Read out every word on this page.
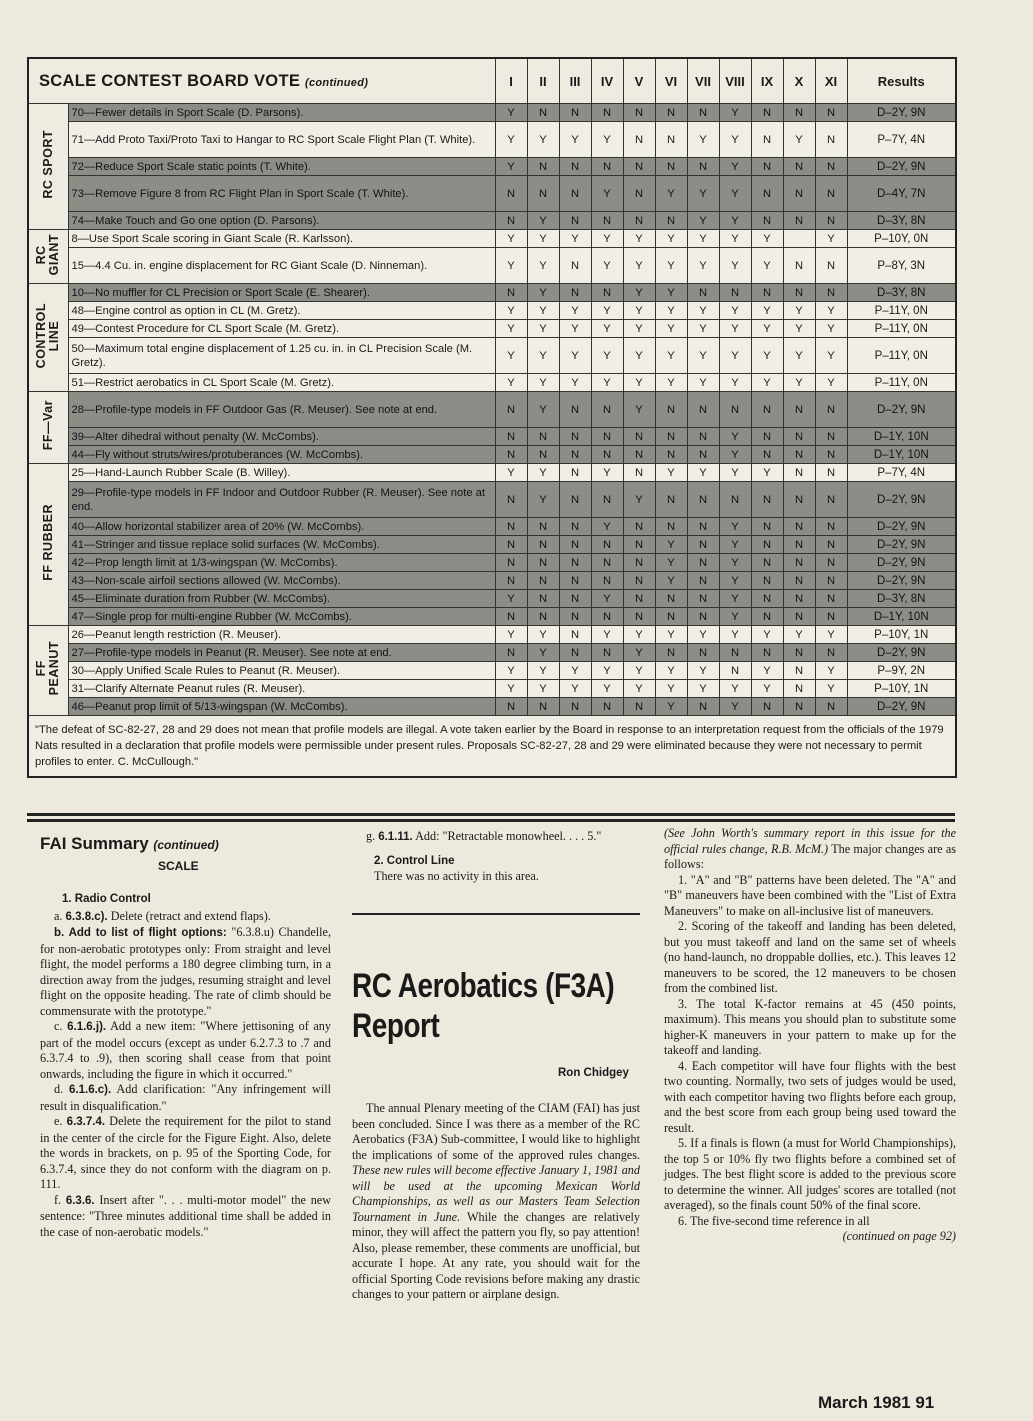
SCALE CONTEST BOARD VOTE (continued)		I	II	III	IV	V	VI	VII	VIII	IX	X	XI	Results
RC SPORT	70—Fewer details in Sport Scale (D. Parsons).	Y	N	N	N	N	N	N	Y	N	N	N	D–2Y, 9N
	71—Add Proto Taxi/Proto Taxi to Hangar to RC Sport Scale Flight Plan (T. White).	Y	Y	Y	Y	N	N	Y	Y	N	Y	N	P–7Y, 4N
	72—Reduce Sport Scale static points (T. White).	Y	N	N	N	N	N	N	Y	N	N	N	D–2Y, 9N
	73—Remove Figure 8 from RC Flight Plan in Sport Scale (T. White).	N	N	N	Y	N	Y	Y	Y	N	N	N	D–4Y, 7N
	74—Make Touch and Go one option (D. Parsons).	N	Y	N	N	N	N	Y	Y	N	N	N	D–3Y, 8N
RC
GIANT	8—Use Sport Scale scoring in Giant Scale (R. Karlsson).	Y	Y	Y	Y	Y	Y	Y	Y	Y		Y	P–10Y, 0N
	15—4.4 Cu. in. engine displacement for RC Giant Scale (D. Ninneman).	Y	Y	N	Y	Y	Y	Y	Y	Y	N	N	P–8Y, 3N
CONTROL
LINE	10—No muffler for CL Precision or Sport Scale (E. Shearer).	N	Y	N	N	Y	Y	N	N	N	N	N	D–3Y, 8N
	48—Engine control as option in CL (M. Gretz).	Y	Y	Y	Y	Y	Y	Y	Y	Y	Y	Y	P–11Y, 0N
	49—Contest Procedure for CL Sport Scale (M. Gretz).	Y	Y	Y	Y	Y	Y	Y	Y	Y	Y	Y	P–11Y, 0N
	50—Maximum total engine displacement of 1.25 cu. in. in CL Precision Scale (M. Gretz).	Y	Y	Y	Y	Y	Y	Y	Y	Y	Y	Y	P–11Y, 0N
	51—Restrict aerobatics in CL Sport Scale (M. Gretz).	Y	Y	Y	Y	Y	Y	Y	Y	Y	Y	Y	P–11Y, 0N
FF—Var	28—Profile-type models in FF Outdoor Gas (R. Meuser). See note at end.	N	Y	N	N	Y	N	N	N	N	N	N	D–2Y, 9N
	39—Alter dihedral without penalty (W. McCombs).	N	N	N	N	N	N	N	Y	N	N	N	D–1Y, 10N
	44—Fly without struts/wires/protuberances (W. McCombs).	N	N	N	N	N	N	N	Y	N	N	N	D–1Y, 10N
FF RUBBER	25—Hand-Launch Rubber Scale (B. Willey).	Y	Y	N	Y	N	Y	Y	Y	Y	N	N	P–7Y, 4N
	29—Profile-type models in FF Indoor and Outdoor Rubber (R. Meuser). See note at end.	N	Y	N	N	Y	N	N	N	N	N	N	D–2Y, 9N
	40—Allow horizontal stabilizer area of 20% (W. McCombs).	N	N	N	Y	N	N	N	Y	N	N	N	D–2Y, 9N
	41—Stringer and tissue replace solid surfaces (W. McCombs).	N	N	N	N	N	Y	N	Y	N	N	N	D–2Y, 9N
	42—Prop length limit at 1/3-wingspan (W. McCombs).	N	N	N	N	N	Y	N	Y	N	N	N	D–2Y, 9N
	43—Non-scale airfoil sections allowed (W. McCombs).	N	N	N	N	N	Y	N	Y	N	N	N	D–2Y, 9N
	45—Eliminate duration from Rubber (W. McCombs).	Y	N	N	Y	N	N	N	Y	N	N	N	D–3Y, 8N
	47—Single prop for multi-engine Rubber (W. McCombs).	N	N	N	N	N	N	N	Y	N	N	N	D–1Y, 10N
FF
PEANUT	26—Peanut length restriction (R. Meuser).	Y	Y	N	Y	Y	Y	Y	Y	Y	Y	Y	P–10Y, 1N
	27—Profile-type models in Peanut (R. Meuser). See note at end.	N	Y	N	N	Y	N	N	N	N	N	N	D–2Y, 9N
	30—Apply Unified Scale Rules to Peanut (R. Meuser).	Y	Y	Y	Y	Y	Y	Y	N	Y	N	Y	P–9Y, 2N
	31—Clarify Alternate Peanut rules (R. Meuser).	Y	Y	Y	Y	Y	Y	Y	Y	Y	N	Y	P–10Y, 1N
	46—Peanut prop limit of 5/13-wingspan (W. McCombs).	N	N	N	N	N	Y	N	Y	N	N	N	D–2Y, 9N
"The defeat of SC-82-27, 28 and 29 does not mean that profile models are illegal. A vote taken earlier by the Board in response to an interpretation request from the officials of the 1979 Nats resulted in a declaration that profile models were permissible under present rules. Proposals SC-82-27, 28 and 29 were eliminated because they were not necessary to permit profiles to enter. C. McCullough."													
FAI Summary (continued)
SCALE

1. Radio Control

a. 6.3.8.c). Delete (retract and extend flaps).

b. Add to list of flight options: "6.3.8.u) Chandelle, for non-aerobatic prototypes only: From straight and level flight, the model performs a 180 degree climbing turn, in a direction away from the judges, resuming straight and level flight on the opposite heading. The rate of climb should be commensurate with the prototype."

c. 6.1.6.j). Add a new item: "Where jettisoning of any part of the model occurs (except as under 6.2.7.3 to .7 and 6.3.7.4 to .9), then scoring shall cease from that point onwards, including the figure in which it occurred."

d. 6.1.6.c). Add clarification: "Any infringement will result in disqualification."

e. 6.3.7.4. Delete the requirement for the pilot to stand in the center of the circle for the Figure Eight. Also, delete the words in brackets, on p. 95 of the Sporting Code, for 6.3.7.4, since they do not conform with the diagram on p. 111.

f. 6.3.6. Insert after ". . . multi-motor model" the new sentence: "Three minutes additional time shall be added in the case of non-aerobatic models."

g. 6.1.11. Add: "Retractable monowheel. . . . 5."

2. Control Line

There was no activity in this area.

RC Aerobatics (F3A)
Report
Ron Chidgey

The annual Plenary meeting of the CIAM (FAI) has just been concluded. Since I was there as a member of the RC Aerobatics (F3A) Sub-committee, I would like to highlight the implications of some of the approved rules changes. These new rules will become effective January 1, 1981 and will be used at the upcoming Mexican World Championships, as well as our Masters Team Selection Tournament in June. While the changes are relatively minor, they will affect the pattern you fly, so pay attention! Also, please remember, these comments are unofficial, but accurate I hope. At any rate, you should wait for the official Sporting Code revisions before making any drastic changes to your pattern or airplane design.

(See John Worth's summary report in this issue for the official rules change, R.B. McM.) The major changes are as follows:

1. "A" and "B" patterns have been deleted. The "A" and "B" maneuvers have been combined with the "List of Extra Maneuvers" to make on all-inclusive list of maneuvers.

2. Scoring of the takeoff and landing has been deleted, but you must takeoff and land on the same set of wheels (no hand-launch, no droppable dollies, etc.). This leaves 12 maneuvers to be scored, the 12 maneuvers to be chosen from the combined list.

3. The total K-factor remains at 45 (450 points, maximum). This means you should plan to substitute some higher-K maneuvers in your pattern to make up for the takeoff and landing.

4. Each competitor will have four flights with the best two counting. Normally, two sets of judges would be used, with each competitor having two flights before each group, and the best score from each group being used toward the result.

5. If a finals is flown (a must for World Championships), the top 5 or 10% fly two flights before a combined set of judges. The best flight score is added to the previous score to determine the winner. All judges' scores are totalled (not averaged), so the finals count 50% of the final score.

6. The five-second time reference in all

(continued on page 92)

March 1981 91
